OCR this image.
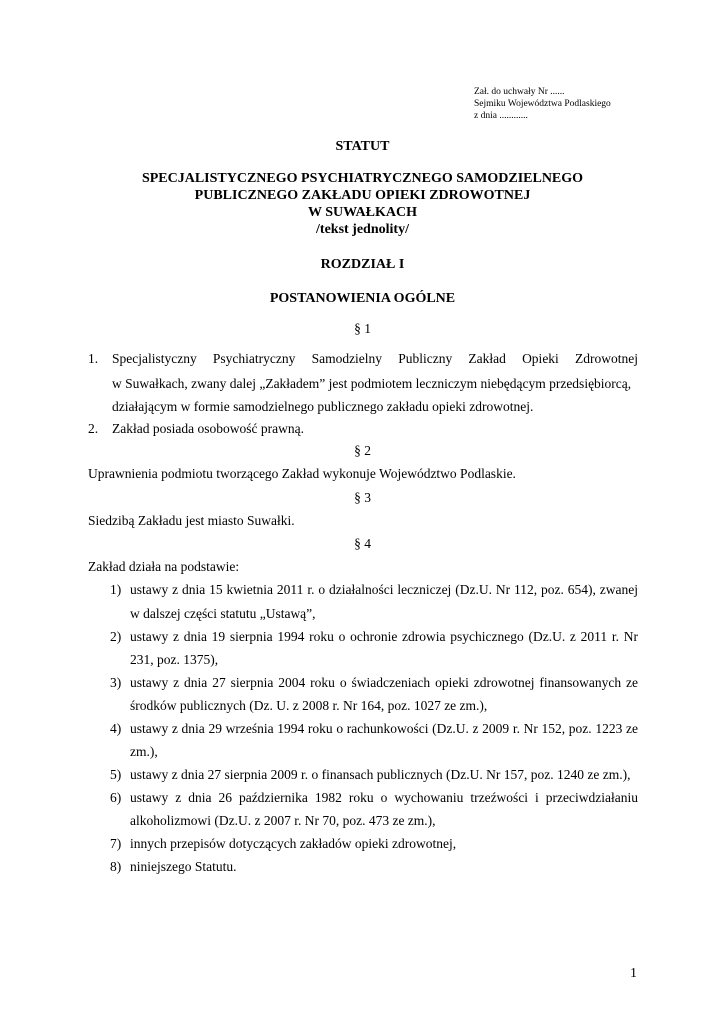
Zał. do uchwały Nr ......
Sejmiku Województwa Podlaskiego
z dnia ............
STATUT
SPECJALISTYCZNEGO PSYCHIATRYCZNEGO SAMODZIELNEGO
PUBLICZNEGO ZAKŁADU OPIEKI ZDROWOTNEJ
W SUWAŁKACH
/tekst jednolity/
ROZDZIAŁ I
POSTANOWIENIA OGÓLNE
§ 1
1. Specjalistyczny Psychiatryczny Samodzielny Publiczny Zakład Opieki Zdrowotnej
w Suwałkach, zwany dalej „Zakładem” jest podmiotem leczniczym niebędącym przedsiębiorcą,
działającym w formie samodzielnego publicznego zakładu opieki zdrowotnej.
2. Zakład posiada osobowość prawną.
§ 2
Uprawnienia podmiotu tworzącego Zakład wykonuje Województwo Podlaskie.
§ 3
Siedzibą Zakładu jest miasto Suwałki.
§ 4
Zakład działa na podstawie:
1) ustawy z dnia 15 kwietnia 2011 r. o działalności leczniczej (Dz.U. Nr 112, poz. 654), zwanej
w dalszej części statutu „Ustawą”,
2) ustawy z dnia 19 sierpnia 1994 roku o ochronie zdrowia psychicznego (Dz.U. z 2011 r. Nr
231, poz. 1375),
3) ustawy z dnia 27 sierpnia 2004 roku o świadczeniach opieki zdrowotnej finansowanych ze
środków publicznych (Dz. U. z 2008 r. Nr 164, poz. 1027 ze zm.),
4) ustawy z dnia 29 września 1994 roku o rachunkowości (Dz.U. z 2009 r. Nr 152, poz. 1223 ze
zm.),
5) ustawy z dnia 27 sierpnia 2009 r. o finansach publicznych (Dz.U. Nr 157, poz. 1240 ze zm.),
6) ustawy z dnia 26 października 1982 roku o wychowaniu trzeźwości i przeciwdziałaniu
alkoholizmowi (Dz.U. z 2007 r. Nr 70, poz. 473 ze zm.),
7) innych przepisów dotyczących zakładów opieki zdrowotnej,
8) niniejszego Statutu.
1
